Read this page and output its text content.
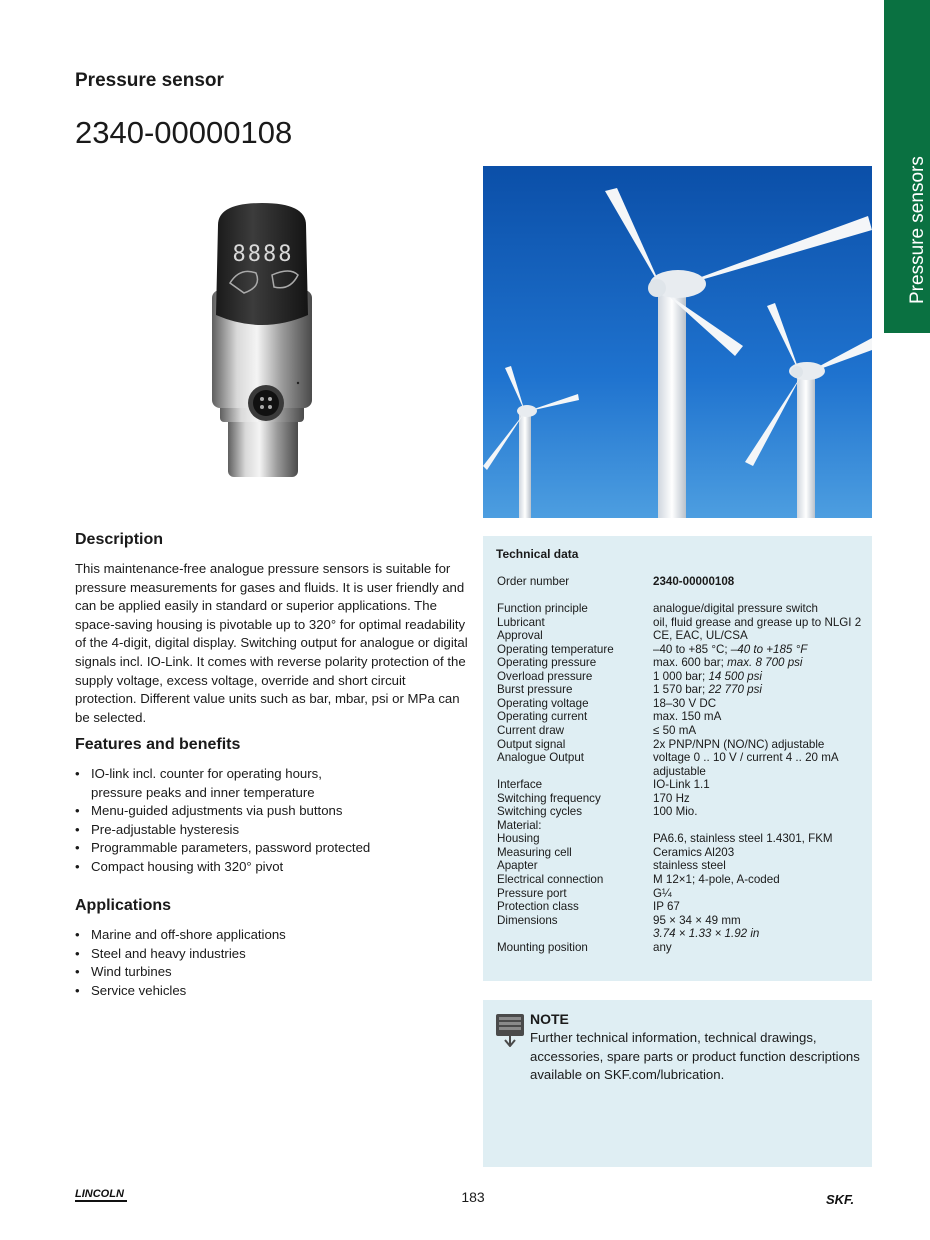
Pressure sensors
Pressure sensor
2340-00000108
8888
Description
This maintenance-free analogue pressure sensors is suitable for pressure measurements for gases and fluids. It is user friendly and can be applied easily in standard or superior applications. The space-saving housing is pivotable up to 320° for optimal readability of the 4-digit, digital display. Switching output for analogue or digital signals incl. IO-Link. It comes with reverse polarity protection of the supply voltage, excess voltage, override and short circuit protection. Different value units such as bar, mbar, psi or MPa can be selected.
Features and benefits
• IO-link incl. counter for operating hours,
pressure peaks and inner temperature
• Menu-guided adjustments via push buttons
• Pre-adjustable hysteresis
• Programmable parameters, password protected
• Compact housing with 320° pivot
Applications
• Marine and off-shore applications
• Steel and heavy industries
• Wind turbines
• Service vehicles
Technical data
Order number	2340-00000108
Function principle	analogue/digital pressure switch
Lubricant	oil, fluid grease and grease up to NLGI 2
Approval	CE, EAC, UL/CSA
Operating temperature	–40 to +85 °C; –40 to +185 °F
Operating pressure	max. 600 bar; max. 8 700 psi
Overload pressure	1 000 bar; 14 500 psi
Burst pressure	1 570 bar; 22 770 psi
Operating voltage	18–30 V DC
Operating current	max. 150 mA
Current draw	≤ 50 mA
Output signal	2x PNP/NPN (NO/NC) adjustable
Analogue Output	voltage 0 .. 10 V / current 4 .. 20 mA
adjustable
Interface	IO-Link 1.1
Switching frequency	170 Hz
Switching cycles	100 Mio.
Material:
Housing	PA6.6, stainless steel 1.4301, FKM
Measuring cell	Ceramics Al203
Apapter	stainless steel
Electrical connection	M 12×1; 4-pole, A-coded
Pressure port	G¼
Protection class	IP 67
Dimensions	95 × 34 × 49 mm
3.74 × 1.33 × 1.92 in
Mounting position	any
NOTE
Further technical information, technical drawings, accessories, spare parts or product function descriptions available on SKF.com/lubrication.
LINCOLN	183	SKF.
